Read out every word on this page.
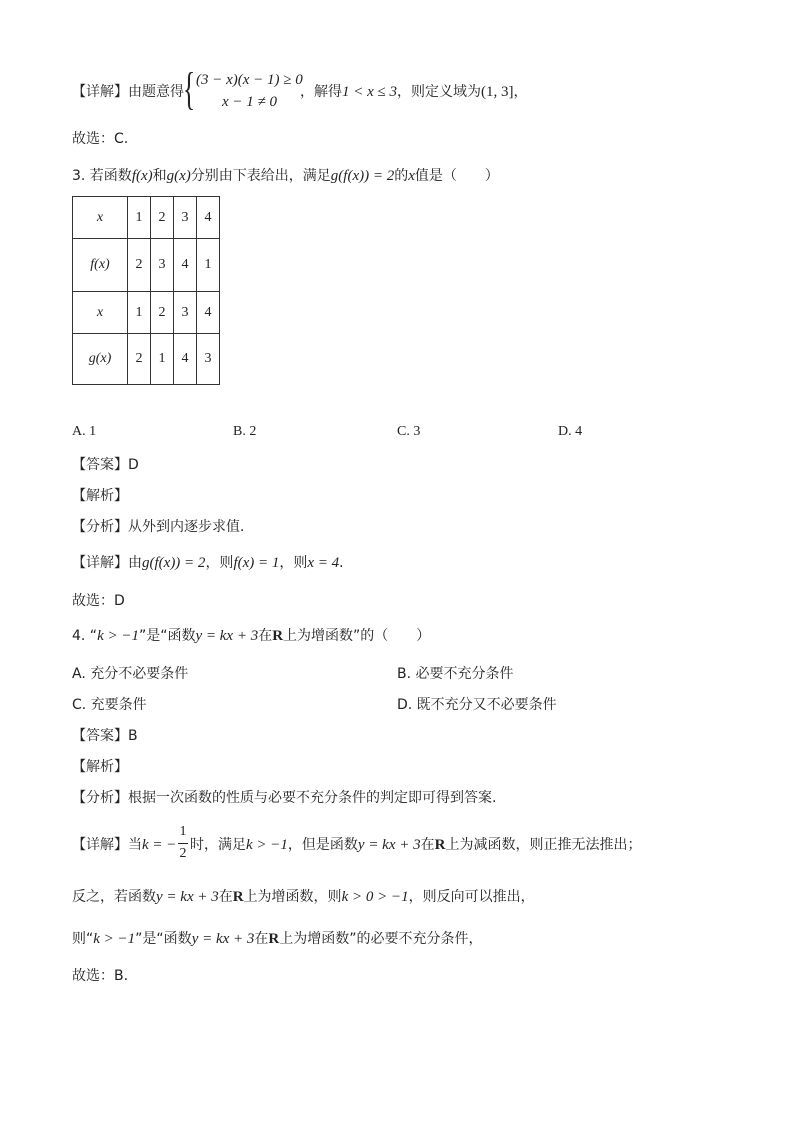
【详解】由题意得 { (3 − x)(x − 1) ≥ 0
x − 1 ≠ 0
，解得1 < x ≤ 3，则定义域为(1, 3]，
故选：C.
3. 若函数f(x)和g(x)分别由下表给出，满足g(f(x)) = 2的x值是（　　）
x	1	2	3	4
f(x)	2	3	4	1
x	1	2	3	4
g(x)	2	1	4	3
A. 1	B. 2	C. 3	D. 4
【答案】D
【解析】
【分析】从外到内逐步求值．
【详解】由g(f(x)) = 2，则f(x) = 1，则x = 4.
故选：D
4. “k > −1”是“函数y = kx + 3在R上为增函数”的（　　）
A. 充分不必要条件	B. 必要不充分条件
C. 充要条件	D. 既不充分又不必要条件
【答案】B
【解析】
【分析】根据一次函数的性质与必要不充分条件的判定即可得到答案.
【详解】当k = −
1
2
时，满足k > −1，但是函数y = kx + 3在R上为减函数，则正推无法推出；
反之，若函数y = kx + 3在R上为增函数，则k > 0 > −1，则反向可以推出，
则“k > −1”是“函数y = kx + 3在R上为增函数”的必要不充分条件，
故选：B.
